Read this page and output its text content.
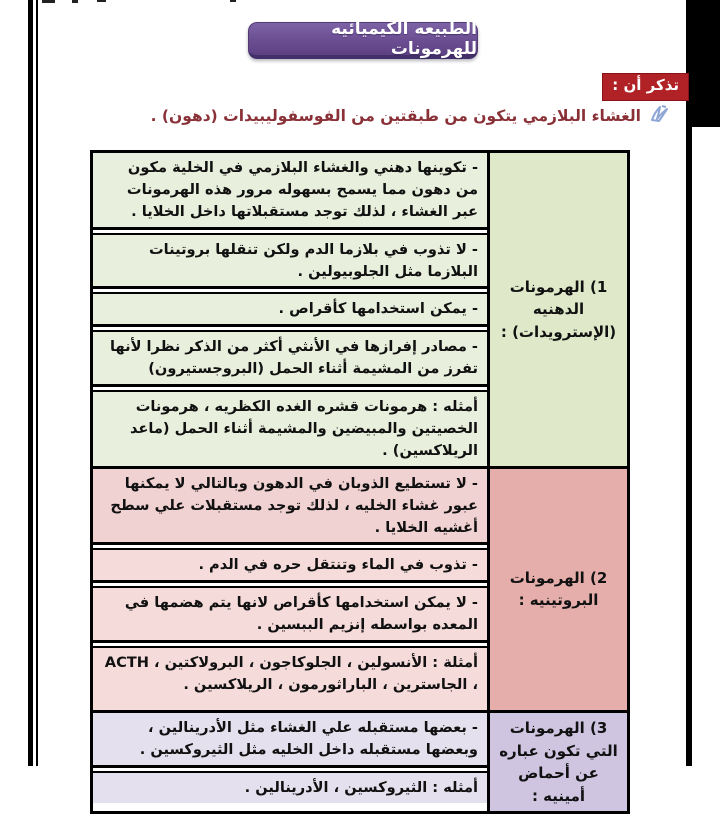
الطبيعه الكيميائيه للهرمونات
تذكر أن :
الغشاء البلازمي يتكون من طبقتين من الفوسفوليبيدات (دهون) .
1) الهرمونات الدهنيه (الإسترويدات) :
- تكوينها دهني والغشاء البلازمي في الخلية مكون من دهون مما يسمح بسهوله مرور هذه الهرمونات عبر الغشاء ، لذلك توجد مستقبلاتها داخل الخلايا .
- لا تذوب في بلازما الدم ولكن تنقلها بروتينات البلازما مثل الجلوبيولين .
- يمكن استخدامها كأقراص .
- مصادر إفرازها في الأنثي أكثر من الذكر نظرا لأنها تفرز من المشيمة أثناء الحمل (البروجستيرون)
أمثله : هرمونات قشره الغده الكظريه ، هرمونات الخصيتين والمبيضين والمشيمة أثناء الحمل (ماعد الريلاكسين) .
2) الهرمونات البروتينيه :
- لا تستطيع الذوبان في الدهون وبالتالي لا يمكنها عبور غشاء الخليه ، لذلك توجد مستقبلات علي سطح أغشيه الخلايا .
- تذوب في الماء وتنتقل حره في الدم .
- لا يمكن استخدامها كأقراص لانها يتم هضمها في المعده بواسطه إنزيم الببسين .
أمثلة : الأنسولين ، الجلوكاجون ، البرولاكتين ، ACTH ، الجاسترين ، الباراثورمون ، الريلاكسين .
3) الهرمونات التي تكون عباره عن أحماض أمينيه :
- بعضها مستقبله علي الغشاء مثل الأدرينالين ، وبعضها مستقبله داخل الخليه مثل الثيروكسين .
أمثله : الثيروكسين ، الأدرينالين .
